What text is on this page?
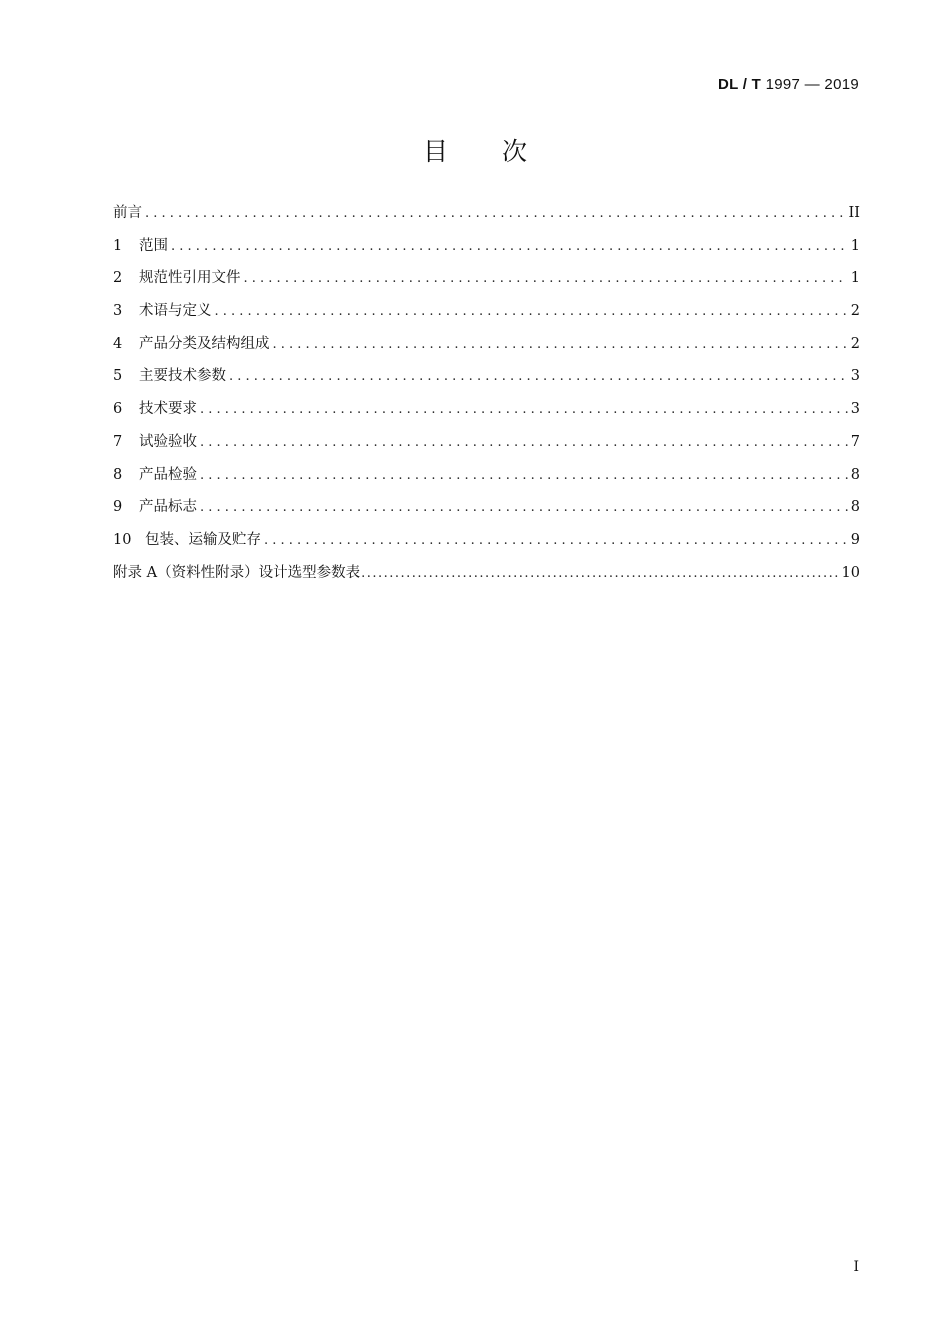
DL / T 1997 — 2019
目次
前言 . . .	II
1	范围 . . .	1
2	规范性引用文件 . . .	1
3	术语与定义 . . .	2
4	产品分类及结构组成 . . .	2
5	主要技术参数 . . .	3
6	技术要求 . . .	3
7	试验验收 . . .	7
8	产品检验 . . .	8
9	产品标志 . . .	8
10 包装、运输及贮存 . . .	9
附录 A（资料性附录）设计选型参数表 .....	10
I
